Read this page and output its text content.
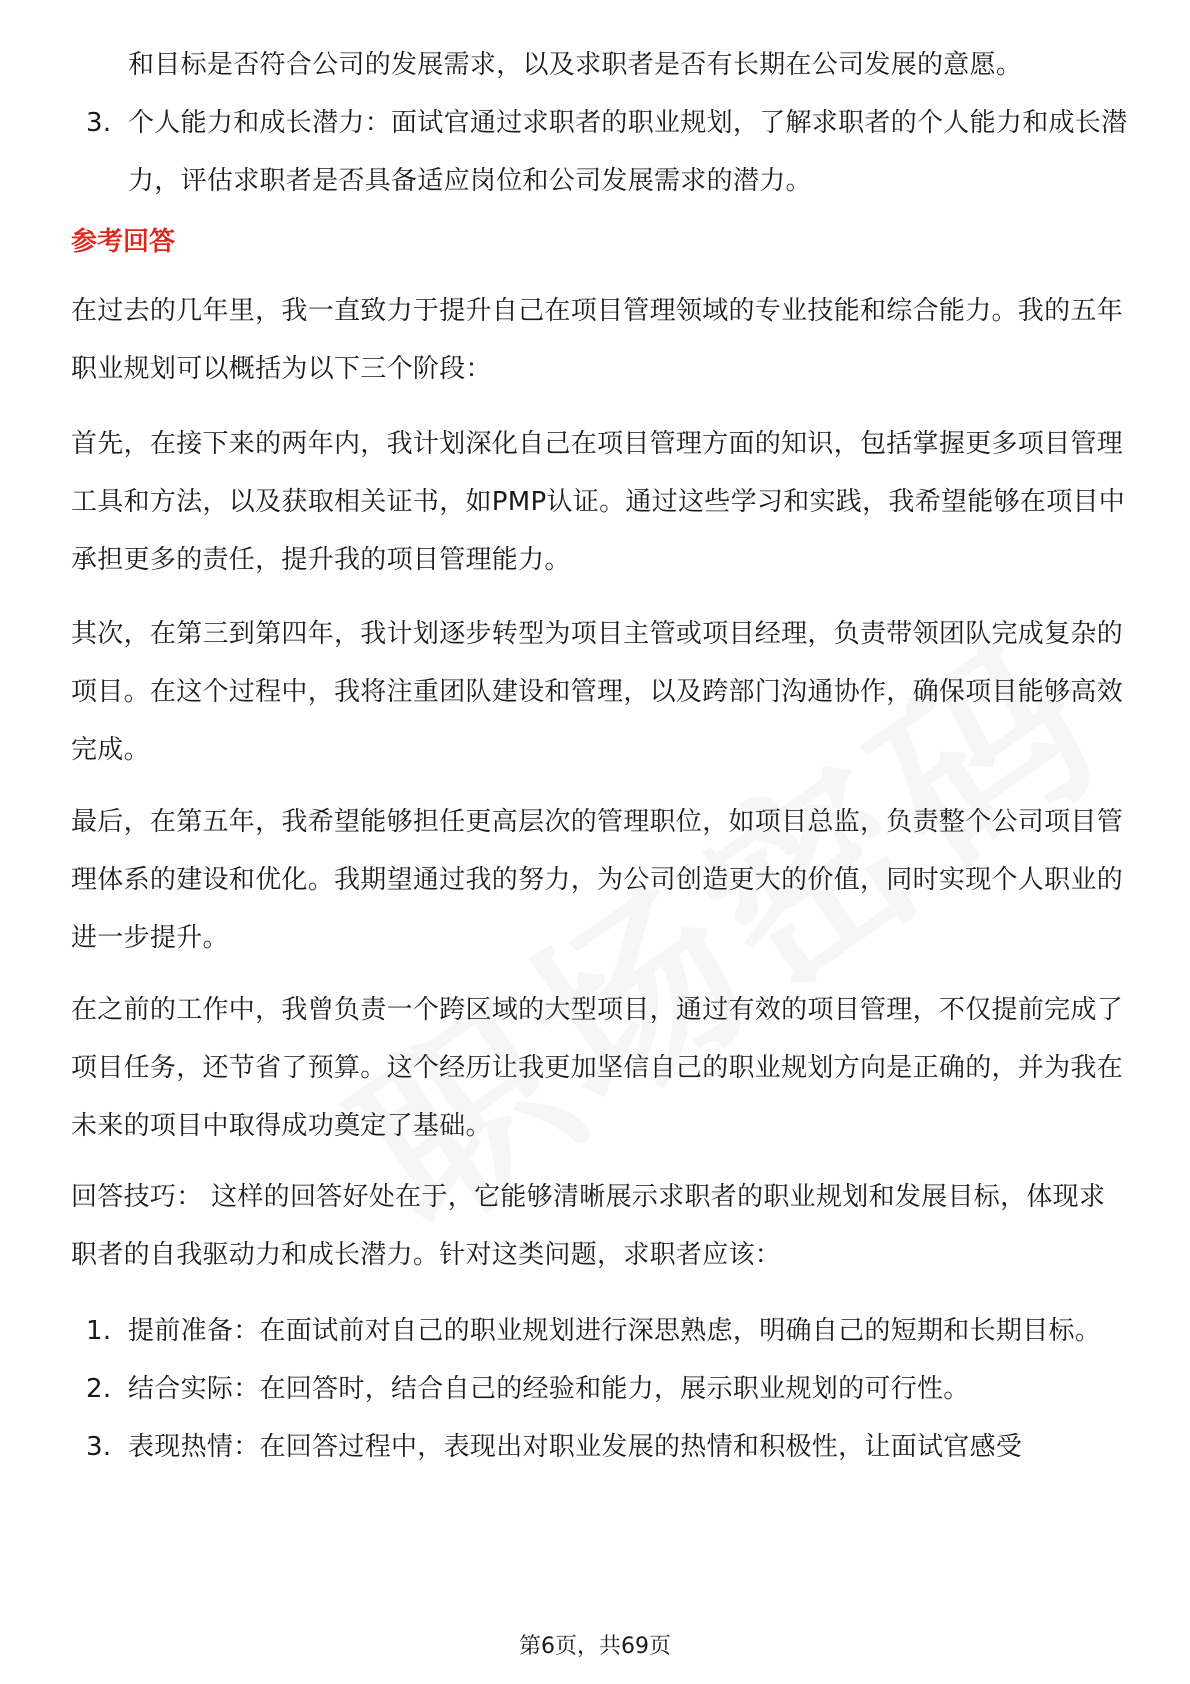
和目标是否符合公司的发展需求，以及求职者是否有长期在公司发展的意愿。
3. 个人能力和成长潜力：面试官通过求职者的职业规划，了解求职者的个人能力和成长潜力，评估求职者是否具备适应岗位和公司发展需求的潜力。
参考回答
在过去的几年里，我一直致力于提升自己在项目管理领域的专业技能和综合能力。我的五年职业规划可以概括为以下三个阶段：
首先，在接下来的两年内，我计划深化自己在项目管理方面的知识，包括掌握更多项目管理工具和方法，以及获取相关证书，如PMP认证。通过这些学习和实践，我希望能够在项目中承担更多的责任，提升我的项目管理能力。
其次，在第三到第四年，我计划逐步转型为项目主管或项目经理，负责带领团队完成复杂的项目。在这个过程中，我将注重团队建设和管理，以及跨部门沟通协作，确保项目能够高效完成。
最后，在第五年，我希望能够担任更高层次的管理职位，如项目总监，负责整个公司项目管理体系的建设和优化。我期望通过我的努力，为公司创造更大的价值，同时实现个人职业的进一步提升。
在之前的工作中，我曾负责一个跨区域的大型项目，通过有效的项目管理，不仅提前完成了项目任务，还节省了预算。这个经历让我更加坚信自己的职业规划方向是正确的，并为我在未来的项目中取得成功奠定了基础。
回答技巧： 这样的回答好处在于，它能够清晰展示求职者的职业规划和发展目标，体现求职者的自我驱动力和成长潜力。针对这类问题，求职者应该：
1. 提前准备：在面试前对自己的职业规划进行深思熟虑，明确自己的短期和长期目标。
2. 结合实际：在回答时，结合自己的经验和能力，展示职业规划的可行性。
3. 表现热情：在回答过程中，表现出对职业发展的热情和积极性，让面试官感受
第6页，共69页
